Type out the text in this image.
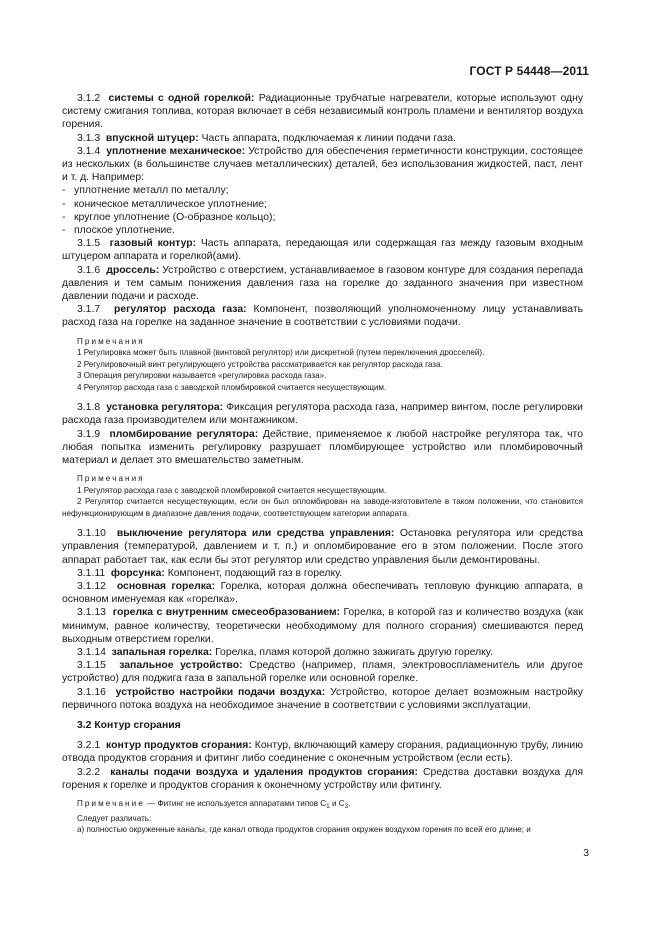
ГОСТ Р 54448—2011

3.1.2 системы с одной горелкой: Радиационные трубчатые нагреватели, которые используют одну систему сжигания топлива, которая включает в себя независимый контроль пламени и вентилятор воздуха горения.

3.1.3 впускной штуцер: Часть аппарата, подключаемая к линии подачи газа.

3.1.4 уплотнение механическое: Устройство для обеспечения герметичности конструкции, состоящее из нескольких (в большинстве случаев металлических) деталей, без использования жидкостей, паст, лент и т. д. Например:

- уплотнение металл по металлу;

- коническое металлическое уплотнение;

- круглое уплотнение (О-образное кольцо);

- плоское уплотнение.

3.1.5 газовый контур: Часть аппарата, передающая или содержащая газ между газовым входным штуцером аппарата и горелкой(ами).

3.1.6 дроссель: Устройство с отверстием, устанавливаемое в газовом контуре для создания перепада давления и тем самым понижения давления газа на горелке до заданного значения при известном давлении подачи и расходе.

3.1.7 регулятор расхода газа: Компонент, позволяющий уполномоченному лицу устанавливать расход газа на горелке на заданное значение в соответствии с условиями подачи.

Примечания

1 Регулировка может быть плавной (винтовой регулятор) или дискретной (путем переключения дросселей).

2 Регулировочный винт регулирующего устройства рассматривается как регулятор расхода газа.

3 Операция регулировки называется «регулировка расхода газа».

4 Регулятор расхода газа с заводской пломбировкой считается несуществующим.

3.1.8 установка регулятора: Фиксация регулятора расхода газа, например винтом, после регулировки расхода газа производителем или монтажником.

3.1.9 пломбирование регулятора: Действие, применяемое к любой настройке регулятора так, что любая попытка изменить регулировку разрушает пломбирующее устройство или пломбировочный материал и делает это вмешательство заметным.

Примечания

1 Регулятор расхода газа с заводской пломбировкой считается несуществующим.

2 Регулятор считается несуществующим, если он был опломбирован на заводе-изготовителе в таком положении, что становится нефункционирующим в диапазоне давления подачи, соответствующем категории аппарата.

3.1.10 выключение регулятора или средства управления: Остановка регулятора или средства управления (температурой, давлением и т. п.) и опломбирование его в этом положении. После этого аппарат работает так, как если бы этот регулятор или средство управления были демонтированы.

3.1.11 форсунка: Компонент, подающий газ в горелку.

3.1.12 основная горелка: Горелка, которая должна обеспечивать тепловую функцию аппарата, в основном именуемая как «горелка».

3.1.13 горелка с внутренним смесеобразованием: Горелка, в которой газ и количество воздуха (как минимум, равное количеству, теоретически необходимому для полного сгорания) смешиваются перед выходным отверстием горелки.

3.1.14 запальная горелка: Горелка, пламя которой должно зажигать другую горелку.

3.1.15 запальное устройство: Средство (например, пламя, электровоспламенитель или другое устройство) для поджига газа в запальной горелке или основной горелке.

3.1.16 устройство настройки подачи воздуха: Устройство, которое делает возможным настройку первичного потока воздуха на необходимое значение в соответствии с условиями эксплуатации.

3.2 Контур сгорания

3.2.1 контур продуктов сгорания: Контур, включающий камеру сгорания, радиационную трубу, линию отвода продуктов сгорания и фитинг либо соединение с оконечным устройством (если есть).

3.2.2 каналы подачи воздуха и удаления продуктов сгорания: Средства доставки воздуха для горения к горелке и продуктов сгорания к оконечному устройству или фитингу.

Примечание — Фитинг не используется аппаратами типов $С_1$ и $С_3$.

Следует различать:

а) полностью окруженные каналы, где канал отвода продуктов сгорания окружен воздухом горения по всей его длине; и

3
